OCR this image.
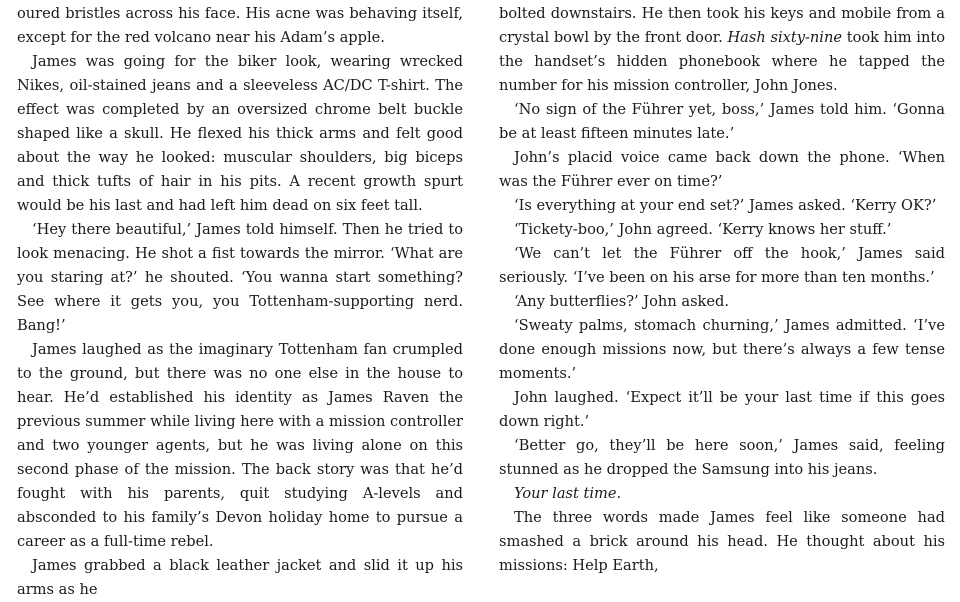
oured bristles across his face. His acne was behaving itself, except for the red volcano near his Adam’s apple.

James was going for the biker look, wearing wrecked Nikes, oil-stained jeans and a sleeveless AC/DC T-shirt. The effect was completed by an oversized chrome belt buckle shaped like a skull. He flexed his thick arms and felt good about the way he looked: muscular shoulders, big biceps and thick tufts of hair in his pits. A recent growth spurt would be his last and had left him dead on six feet tall.

‘Hey there beautiful,’ James told himself. Then he tried to look menacing. He shot a fist towards the mirror. ‘What are you staring at?’ he shouted. ‘You wanna start something? See where it gets you, you Tottenham-supporting nerd. Bang!’

James laughed as the imaginary Tottenham fan crumpled to the ground, but there was no one else in the house to hear. He’d established his identity as James Raven the previous summer while living here with a mission controller and two younger agents, but he was living alone on this second phase of the mission. The back story was that he’d fought with his parents, quit studying A-levels and absconded to his family’s Devon holiday home to pursue a career as a full-time rebel.

James grabbed a black leather jacket and slid it up his arms as he

bolted downstairs. He then took his keys and mobile from a crystal bowl by the front door. Hash sixty-nine took him into the handset’s hidden phonebook where he tapped the number for his mission controller, John Jones.

‘No sign of the Führer yet, boss,’ James told him. ‘Gonna be at least fifteen minutes late.’

John’s placid voice came back down the phone. ‘When was the Führer ever on time?’

‘Is everything at your end set?’ James asked. ‘Kerry OK?’

‘Tickety-boo,’ John agreed. ‘Kerry knows her stuff.’

‘We can’t let the Führer off the hook,’ James said seriously. ‘I’ve been on his arse for more than ten months.’

‘Any butterflies?’ John asked.

‘Sweaty palms, stomach churning,’ James admitted. ‘I’ve done enough missions now, but there’s always a few tense moments.’

John laughed. ‘Expect it’ll be your last time if this goes down right.’

‘Better go, they’ll be here soon,’ James said, feeling stunned as he dropped the Samsung into his jeans.

Your last time.

The three words made James feel like someone had smashed a brick around his head. He thought about his missions: Help Earth,
